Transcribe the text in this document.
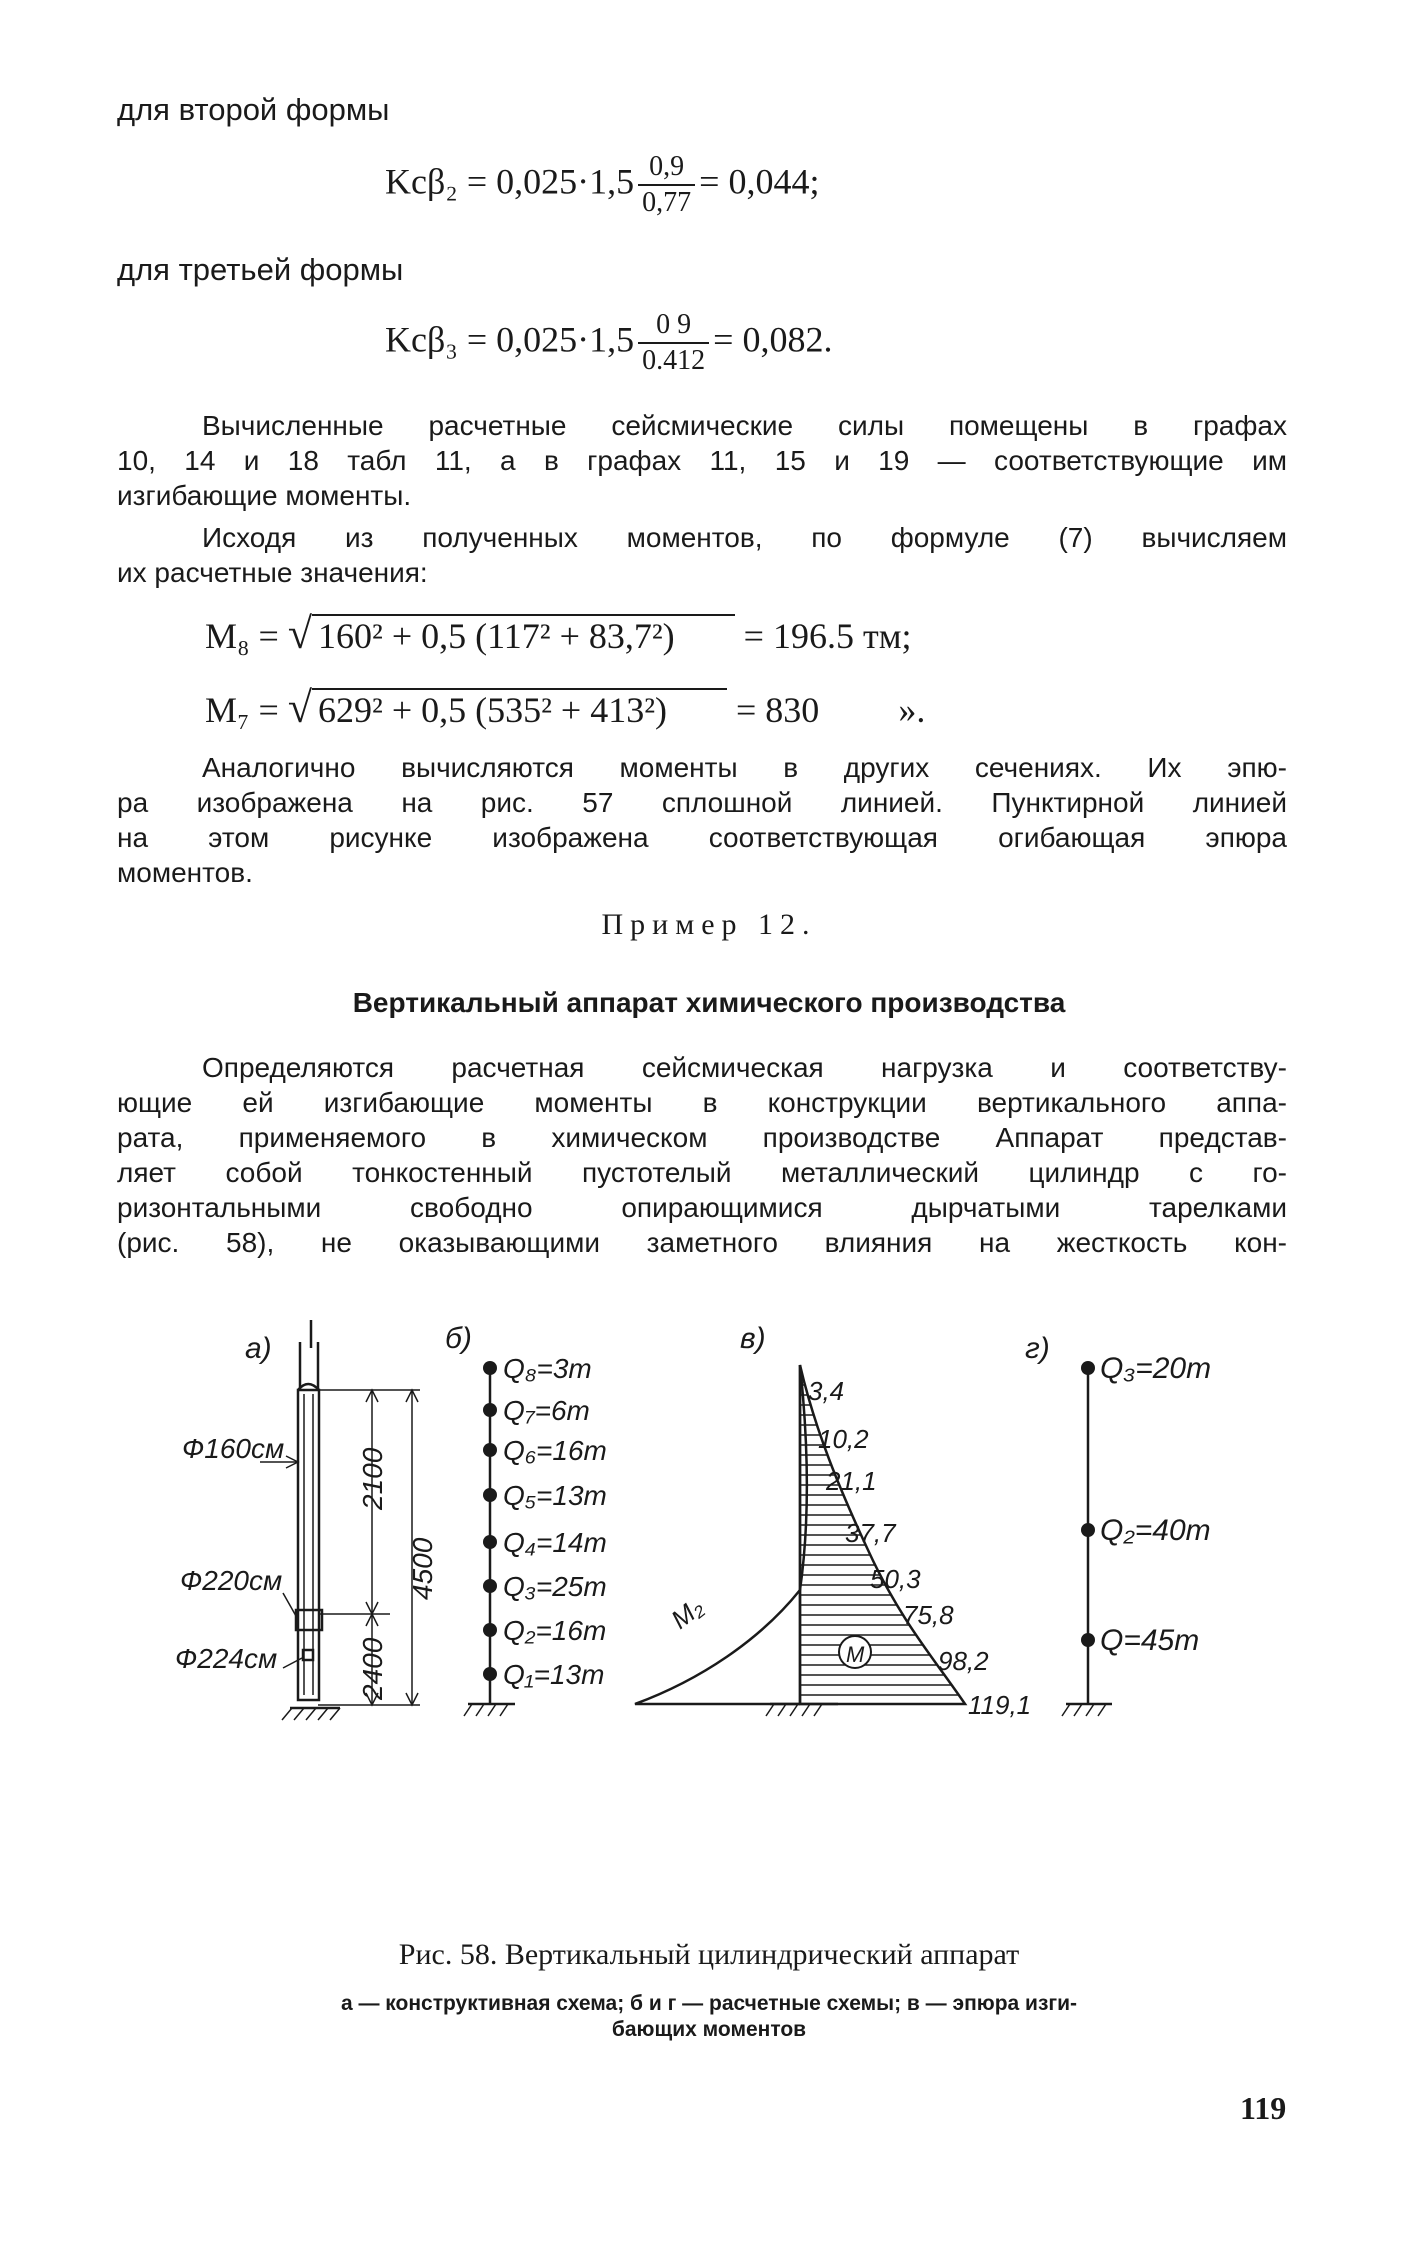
для второй формы
$Kс\beta_2 = 0,025\cdot 1,5 \frac{0,9}{0,77} = 0,044$;
для третьей формы
$Kс\beta_3 = 0,025\cdot 1,5 \frac{0 9}{0.412} = 0,082$.
Вычисленные расчетные сейсмические силы помещены в графах
10, 14 и 18 табл 11, а в графах 11, 15 и 19 — соответствующие им
изгибающие моменты.
Исходя из полученных моментов, по формуле (7) вычисляем
их расчетные значения:
M₈ = √ 160² + 0,5 (117² + 83,7²) = 196.5 тм;
M₇ = √ 629² + 0,5 (535² + 413²) = 830 ».
Аналогично вычисляются моменты в других сечениях. Их эпю-
ра изображена на рис. 57 сплошной линией. Пунктирной линией
на этом рисунке изображена соответствующая огибающая эпюра
моментов.
Пример 12.
Вертикальный аппарат химического производства
Определяются расчетная сейсмическая нагрузка и соответству-
ющие ей изгибающие моменты в конструкции вертикального аппа-
рата, применяемого в химическом производстве Аппарат представ-
ляет собой тонкостенный пустотелый металлический цилиндр с го-
ризонтальными свободно опирающимися дырчатыми тарелками
(рис. 58), не оказывающими заметного влияния на жесткость кон-
а)	б)	в)	г)
2100
4500
2400
Ф160см
Ф220см
Ф224см
Q₈=3т
Q₇=6т
Q₆=16т
Q₅=13т
Q₄=14т
Q₃=25т
Q₂=16т
Q₁=13т
3,4
10,2
21,1
37,7
50,3
75,8
98,2
119,1
M₂
M
Q₃=20т
Q₂=40т
Q=45т
Рис. 58. Вертикальный цилиндрический аппарат
а — конструктивная схема; б и г — расчетные схемы; в — эпюра изги-
бающих моментов
119
